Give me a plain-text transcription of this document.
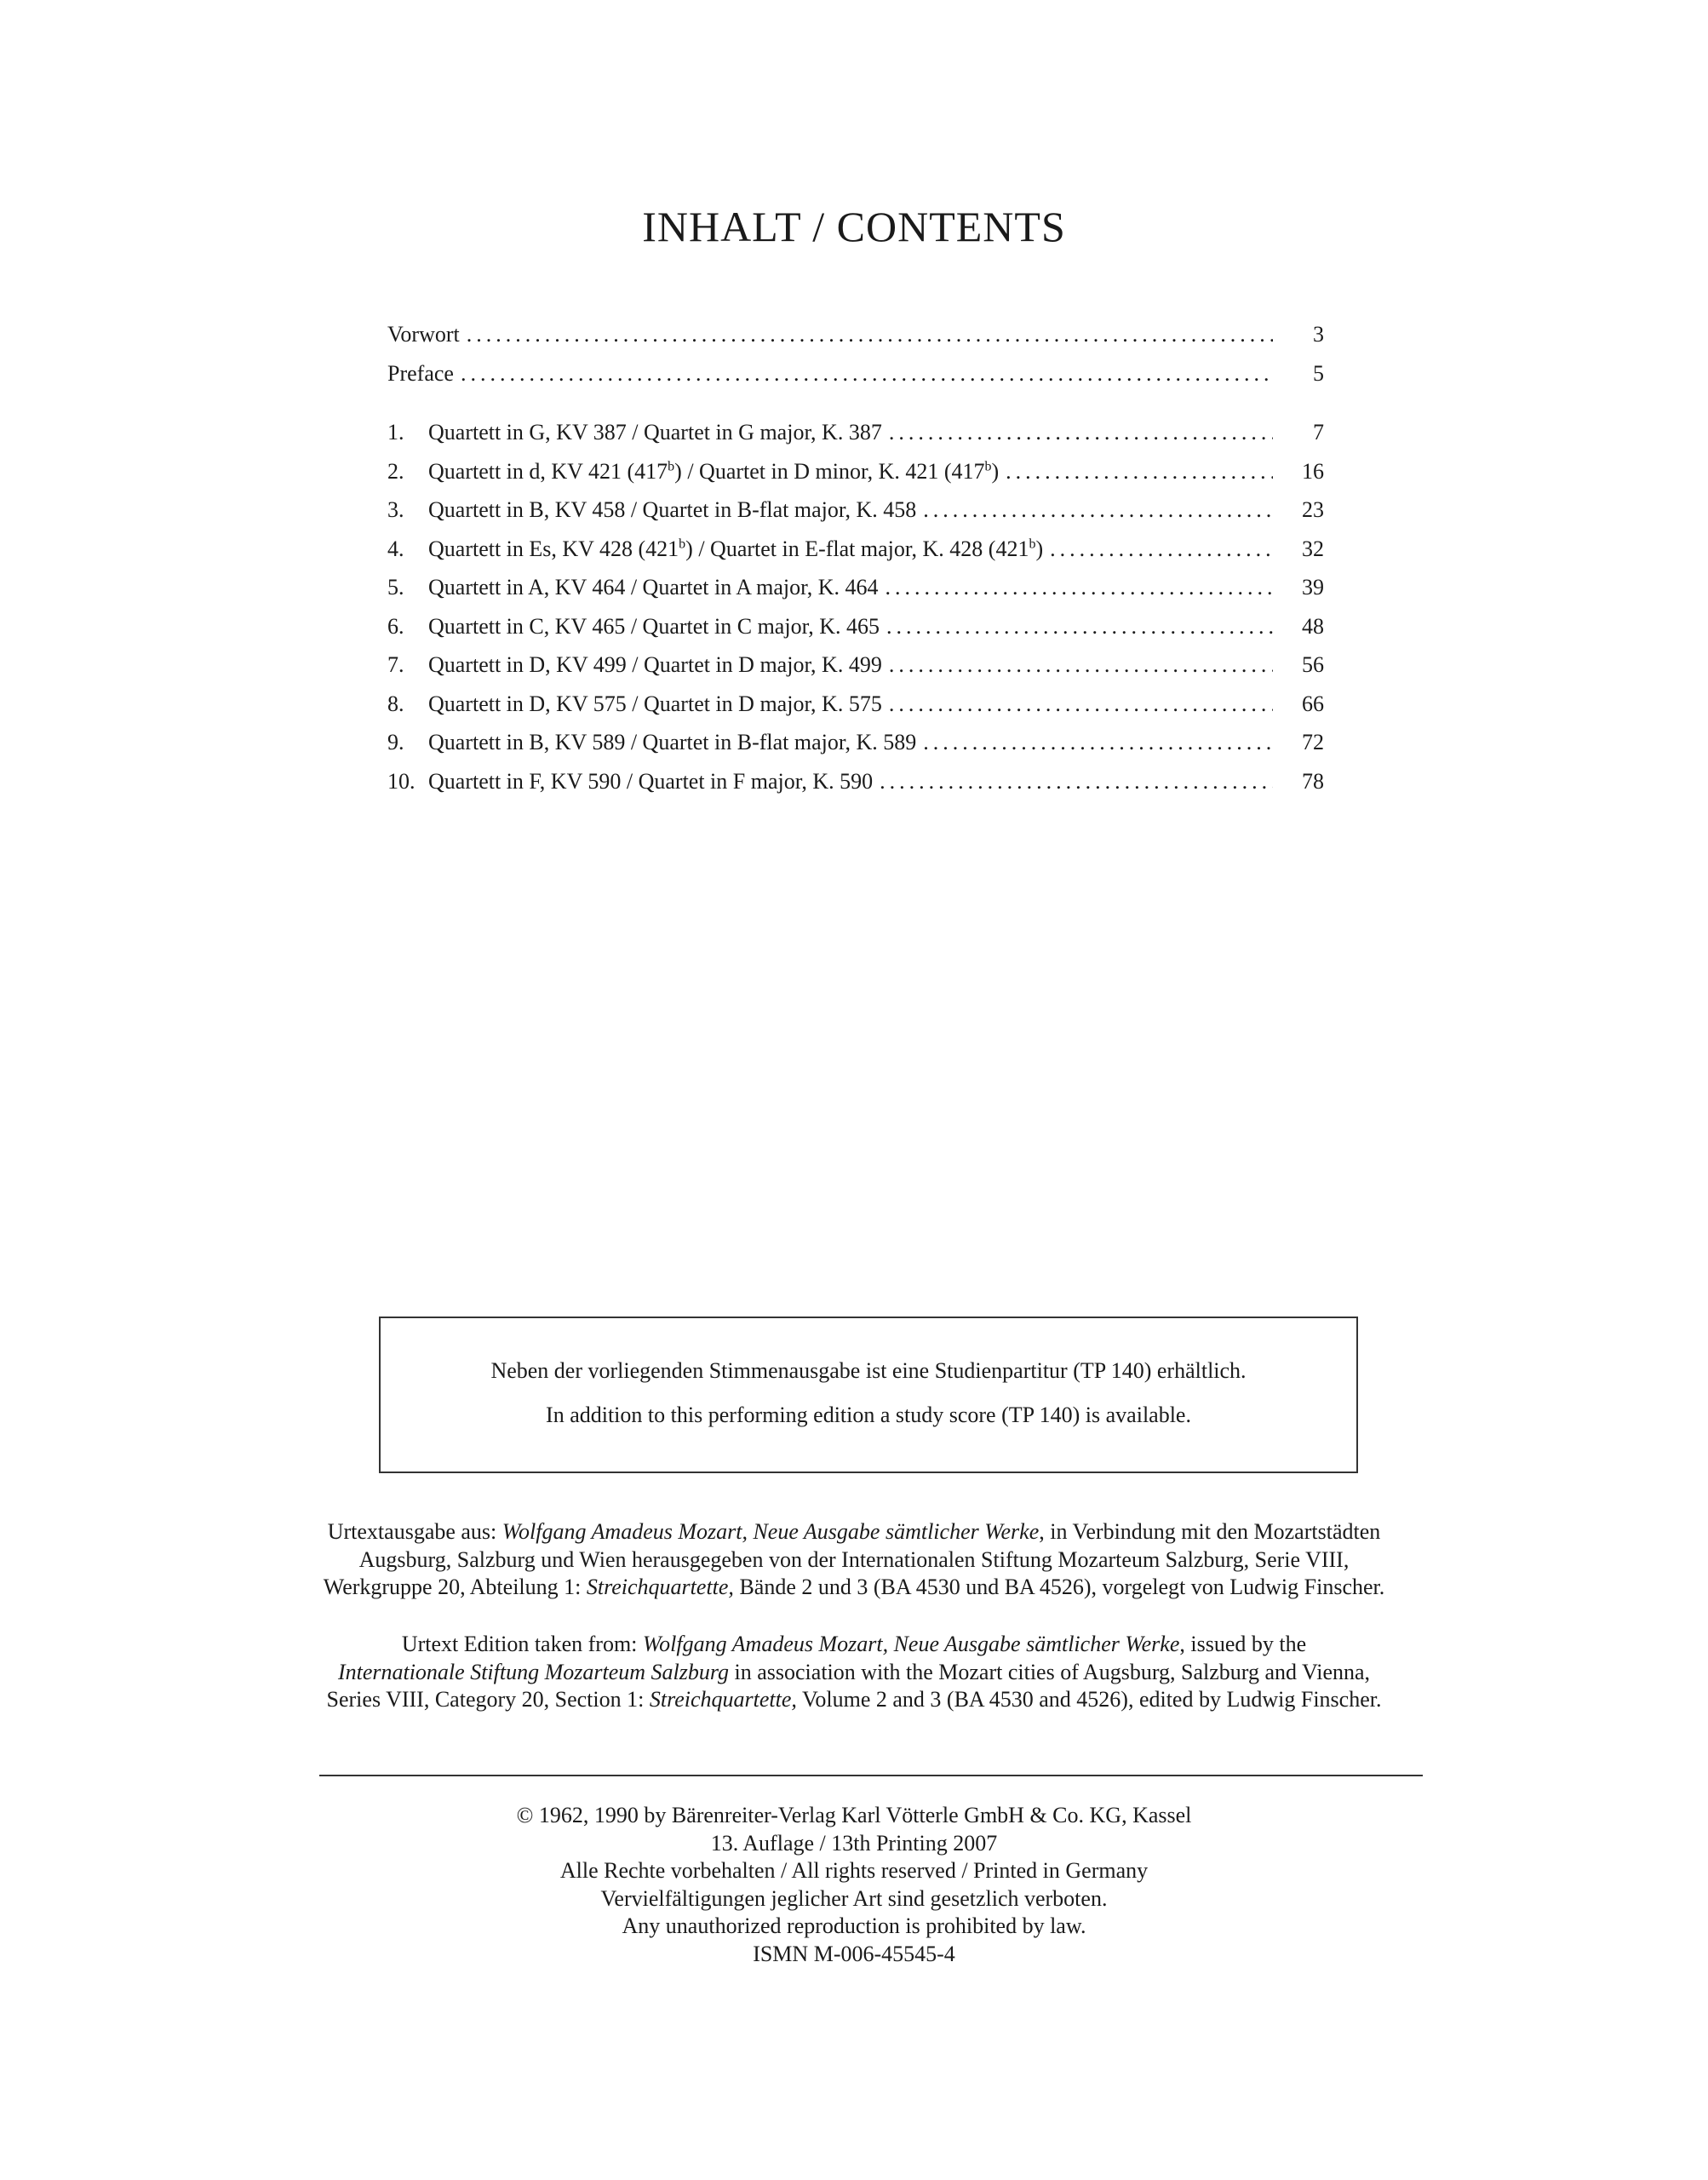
INHALT / CONTENTS
Vorwort .....	3
Preface .....	5
1.	Quartett in G, KV 387 / Quartet in G major, K. 387 .....	7
2.	Quartett in d, KV 421 (417$^b$) / Quartet in D minor, K. 421 (417$^b$) .....	16
3.	Quartett in B, KV 458 / Quartet in B-flat major, K. 458 .....	23
4.	Quartett in Es, KV 428 (421$^b$) / Quartet in E-flat major, K. 428 (421$^b$) .....	32
5.	Quartett in A, KV 464 / Quartet in A major, K. 464 .....	39
6.	Quartett in C, KV 465 / Quartet in C major, K. 465 .....	48
7.	Quartett in D, KV 499 / Quartet in D major, K. 499 .....	56
8.	Quartett in D, KV 575 / Quartet in D major, K. 575 .....	66
9.	Quartett in B, KV 589 / Quartet in B-flat major, K. 589 .....	72
10. Quartett in F, KV 590 / Quartet in F major, K. 590 .....	78

Neben der vorliegenden Stimmenausgabe ist eine Studienpartitur (TP 140) erhältlich.

In addition to this performing edition a study score (TP 140) is available.

Urtextausgabe aus: Wolfgang Amadeus Mozart, Neue Ausgabe sämtlicher Werke, in Verbindung mit den Mozartstädten
Augsburg, Salzburg und Wien herausgegeben von der Internationalen Stiftung Mozarteum Salzburg, Serie VIII,
Werkgruppe 20, Abteilung 1: Streichquartette, Bände 2 und 3 (BA 4530 und BA 4526), vorgelegt von Ludwig Finscher.
Urtext Edition taken from: Wolfgang Amadeus Mozart, Neue Ausgabe sämtlicher Werke, issued by the
Internationale Stiftung Mozarteum Salzburg in association with the Mozart cities of Augsburg, Salzburg and Vienna,
Series VIII, Category 20, Section 1: Streichquartette, Volume 2 and 3 (BA 4530 and 4526), edited by Ludwig Finscher.
© 1962, 1990 by Bärenreiter-Verlag Karl Vötterle GmbH & Co. KG, Kassel
13. Auflage / 13th Printing 2007
Alle Rechte vorbehalten / All rights reserved / Printed in Germany
Vervielfältigungen jeglicher Art sind gesetzlich verboten.
Any unauthorized reproduction is prohibited by law.
ISMN M-006-45545-4
